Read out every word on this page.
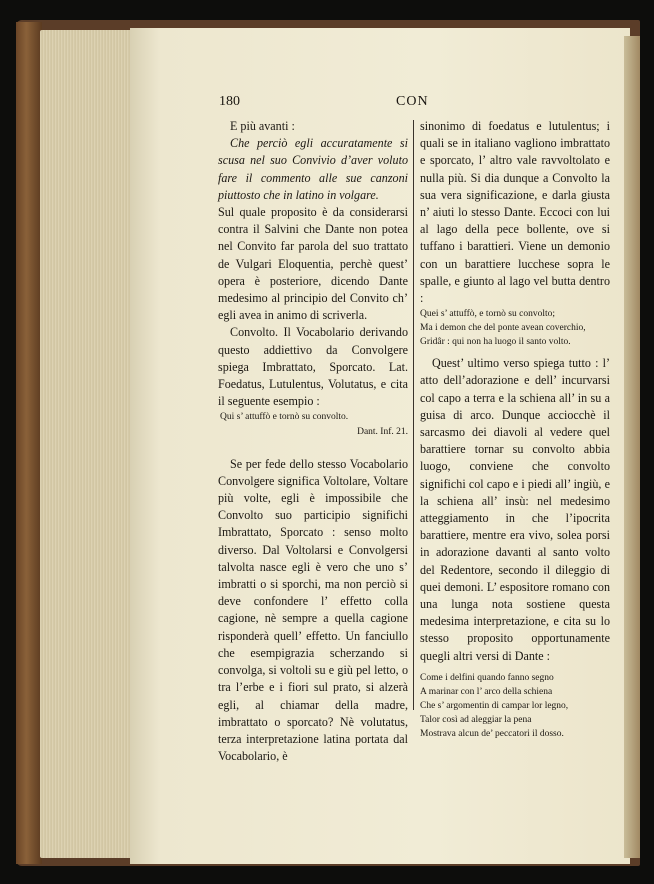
180	CON

E più avanti :

Che perciò egli accuratamente si scusa nel suo Convivio d’aver voluto fare il commento alle sue canzoni piuttosto che in latino in volgare.

Sul quale proposito è da considerarsi contra il Salvini che Dante non potea nel Convito far parola del suo trattato de Vulgari Eloquentia, perchè quest’ opera è posteriore, dicendo Dante medesimo al principio del Convito ch’ egli avea in animo di scriverla.

Convolto. Il Vocabolario derivando questo addiettivo da Convolgere spiega Imbrattato, Sporcato. Lat. Foedatus, Lutulentus, Volutatus, e cita il seguente esempio :

Qui s’ attuffò e tornò su convolto.

Dant. Inf. 21.

Se per fede dello stesso Vocabolario Convolgere significa Voltolare, Voltare più volte, egli è impossibile che Convolto suo participio significhi Imbrattato, Sporcato : senso molto diverso. Dal Voltolarsi e Convolgersi talvolta nasce egli è vero che uno s’ imbratti o si sporchi, ma non perciò si deve confondere l’ effetto colla cagione, nè sempre a quella cagione risponderà quell’ effetto. Un fanciullo che esempigrazia scherzando si convolga, si voltoli su e giù pel letto, o tra l’erbe e i fiori sul prato, si alzerà egli, al chiamar della madre, imbrattato o sporcato? Nè volutatus, terza interpretazione latina portata dal Vocabolario, è

sinonimo di foedatus e lutulentus; i quali se in italiano vagliono imbrattato e sporcato, l’ altro vale ravvoltolato e nulla più. Si dia dunque a Convolto la sua vera significazione, e darla giusta n’ aiuti lo stesso Dante. Eccoci con lui al lago della pece bollente, ove si tuffano i barattieri. Viene un demonio con un barattiere lucchese sopra le spalle, e giunto al lago vel butta dentro :

Quei s’ attuffò, e tornò su convolto;

Ma i demon che del ponte avean coverchio,

Gridâr : qui non ha luogo il santo volto.

Quest’ ultimo verso spiega tutto : l’ atto dell’adorazione e dell’ incurvarsi col capo a terra e la schiena all’ in su a guisa di arco. Dunque acciocchè il sarcasmo dei diavoli al vedere quel barattiere tornar su convolto abbia luogo, conviene che convolto significhi col capo e i piedi all’ ingiù, e la schiena all’ insù: nel medesimo atteggiamento in che l’ipocrita barattiere, mentre era vivo, solea porsi in adorazione davanti al santo volto del Redentore, secondo il dileggio di quei demoni. L’ espositore romano con una lunga nota sostiene questa medesima interpretazione, e cita su lo stesso proposito opportunamente quegli altri versi di Dante :

Come i delfini quando fanno segno

A marinar con l’ arco della schiena

Che s’ argomentin di campar lor legno,

Talor così ad aleggiar la pena

Mostrava alcun de’ peccatori il dosso.
